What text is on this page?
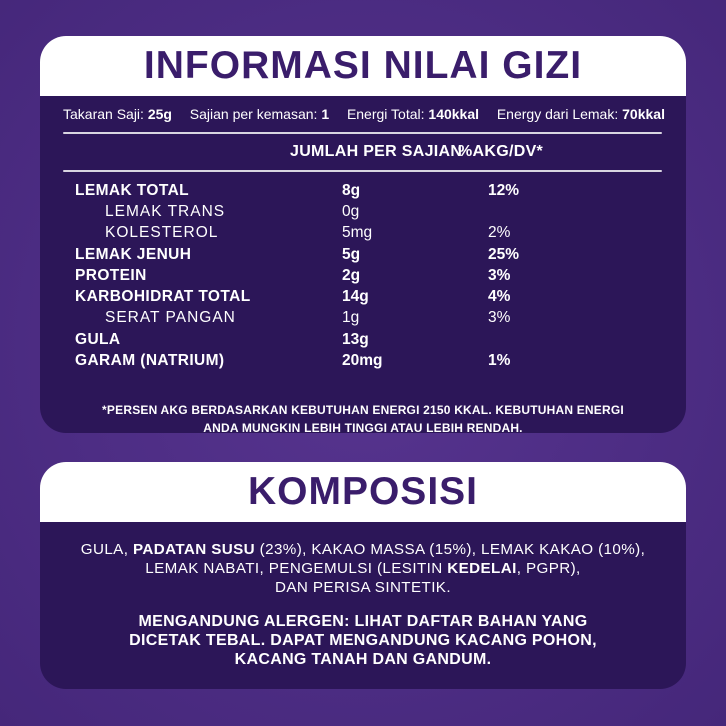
INFORMASI NILAI GIZI
Takaran Saji: 25g Sajian per kemasan: 1 Energi Total: 140kkal Energy dari Lemak: 70kkal
JUMLAH PER SAJIAN
%AKG/DV*
LEMAK TOTAL	8g	12%
LEMAK TRANS	0g
KOLESTEROL	5mg	2%
LEMAK JENUH	5g	25%
PROTEIN	2g	3%
KARBOHIDRAT TOTAL	14g	4%
SERAT PANGAN	1g	3%
GULA	13g
GARAM (NATRIUM)	20mg	1%

*PERSEN AKG BERDASARKAN KEBUTUHAN ENERGI 2150 KKAL. KEBUTUHAN ENERGI
ANDA MUNGKIN LEBIH TINGGI ATAU LEBIH RENDAH.

KOMPOSISI
GULA, PADATAN SUSU (23%), KAKAO MASSA (15%), LEMAK KAKAO (10%),
LEMAK NABATI, PENGEMULSI (LESITIN KEDELAI, PGPR),
DAN PERISA SINTETIK.
MENGANDUNG ALERGEN: LIHAT DAFTAR BAHAN YANG
DICETAK TEBAL. DAPAT MENGANDUNG KACANG POHON,
KACANG TANAH DAN GANDUM.
